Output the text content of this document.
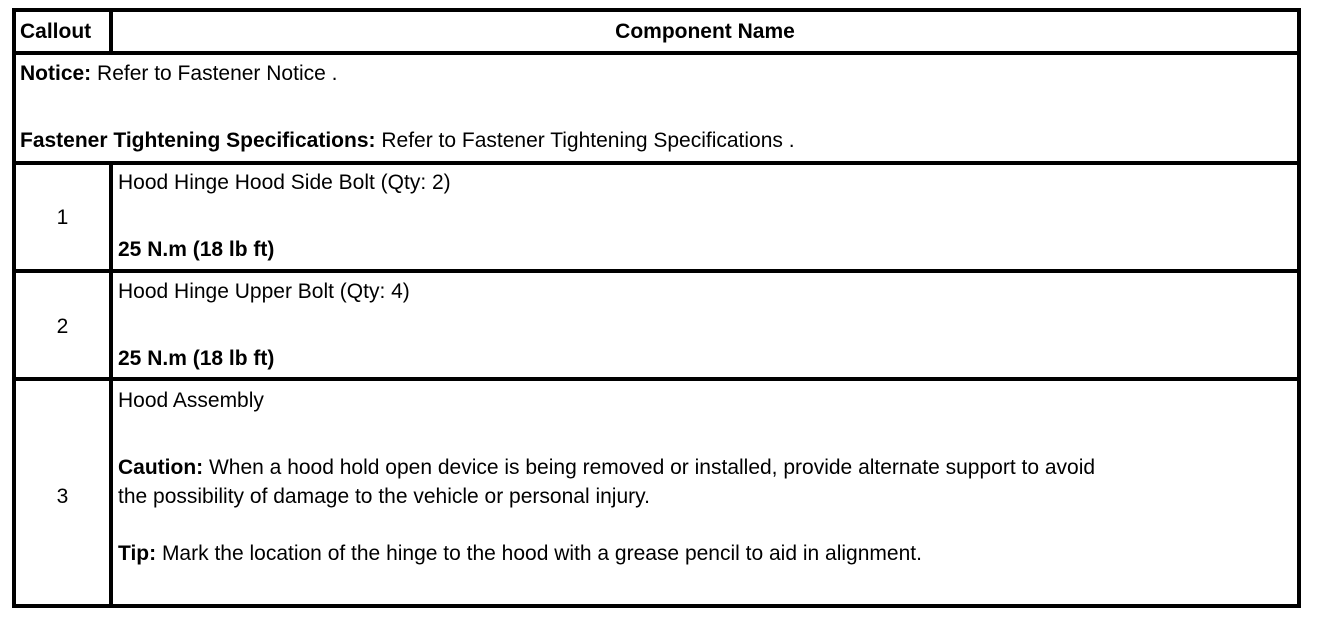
Callout	Component Name
Notice: Refer to Fastener Notice .
Fastener Tightening Specifications: Refer to Fastener Tightening Specifications .
1
Hood Hinge Hood Side Bolt (Qty: 2)
25 N.m (18 lb ft)
2
Hood Hinge Upper Bolt (Qty: 4)
25 N.m (18 lb ft)
3
Hood Assembly
Caution: When a hood hold open device is being removed or installed, provide alternate support to avoid
the possibility of damage to the vehicle or personal injury.
Tip: Mark the location of the hinge to the hood with a grease pencil to aid in alignment.
